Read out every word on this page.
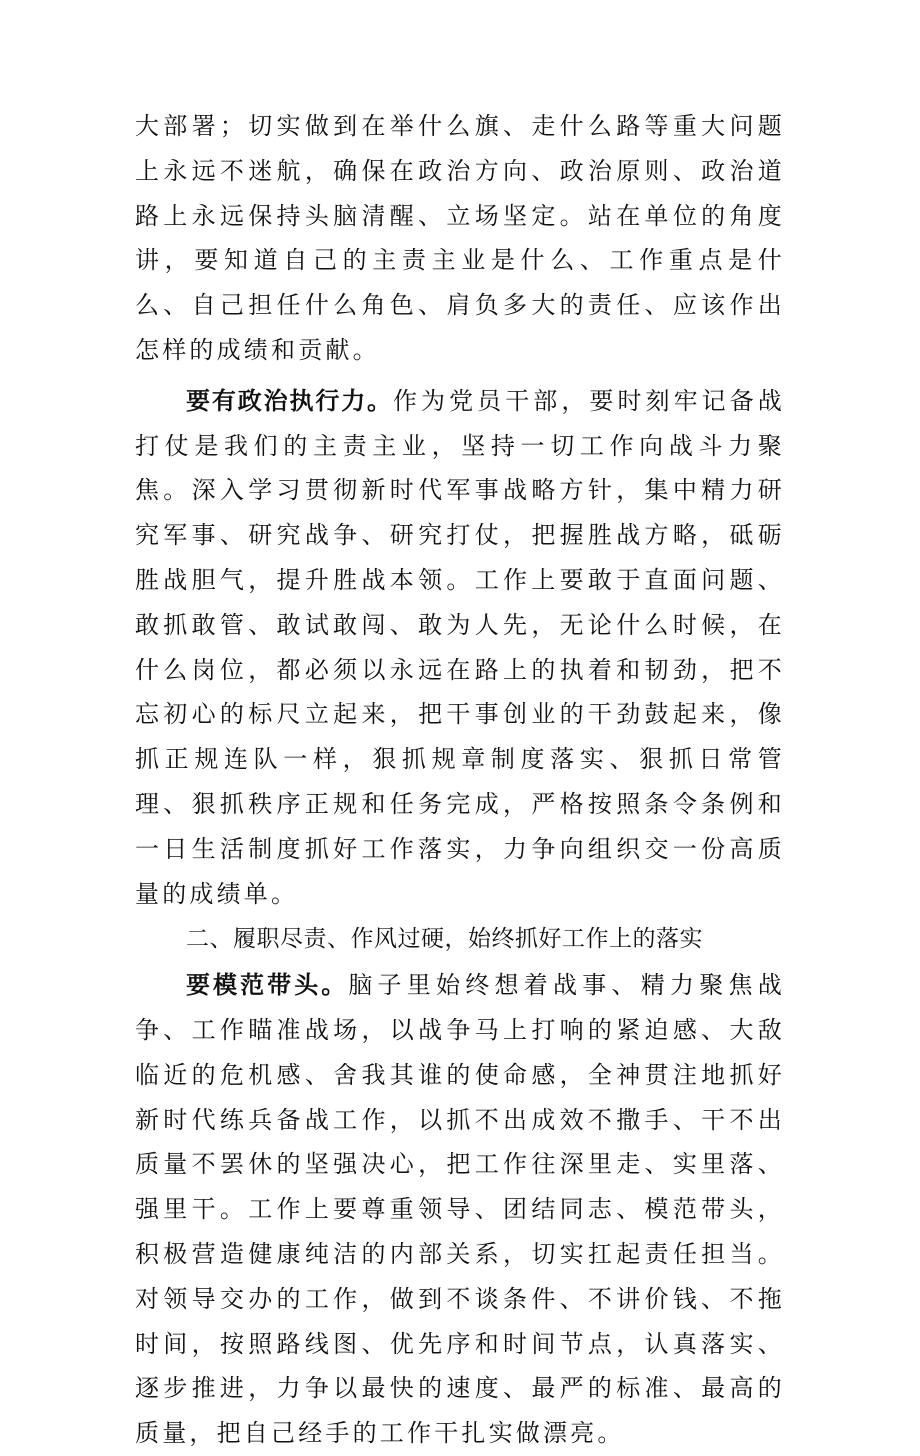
大部署；切实做到在举什么旗、走什么路等重大问题上永远不迷航，确保在政治方向、政治原则、政治道路上永远保持头脑清醒、立场坚定。站在单位的角度讲，要知道自己的主责主业是什么、工作重点是什么、自己担任什么角色、肩负多大的责任、应该作出怎样的成绩和贡献。

要有政治执行力。作为党员干部，要时刻牢记备战打仗是我们的主责主业，坚持一切工作向战斗力聚焦。深入学习贯彻新时代军事战略方针，集中精力研究军事、研究战争、研究打仗，把握胜战方略，砥砺胜战胆气，提升胜战本领。工作上要敢于直面问题、敢抓敢管、敢试敢闯、敢为人先，无论什么时候，在什么岗位，都必须以永远在路上的执着和韧劲，把不忘初心的标尺立起来，把干事创业的干劲鼓起来，像抓正规连队一样，狠抓规章制度落实、狠抓日常管理、狠抓秩序正规和任务完成，严格按照条令条例和一日生活制度抓好工作落实，力争向组织交一份高质量的成绩单。

二、履职尽责、作风过硬，始终抓好工作上的落实

要模范带头。脑子里始终想着战事、精力聚焦战争、工作瞄准战场，以战争马上打响的紧迫感、大敌临近的危机感、舍我其谁的使命感，全神贯注地抓好新时代练兵备战工作，以抓不出成效不撒手、干不出质量不罢休的坚强决心，把工作往深里走、实里落、强里干。工作上要尊重领导、团结同志、模范带头，积极营造健康纯洁的内部关系，切实扛起责任担当。对领导交办的工作，做到不谈条件、不讲价钱、不拖时间，按照路线图、优先序和时间节点，认真落实、逐步推进，力争以最快的速度、最严的标准、最高的质量，把自己经手的工作干扎实做漂亮。
